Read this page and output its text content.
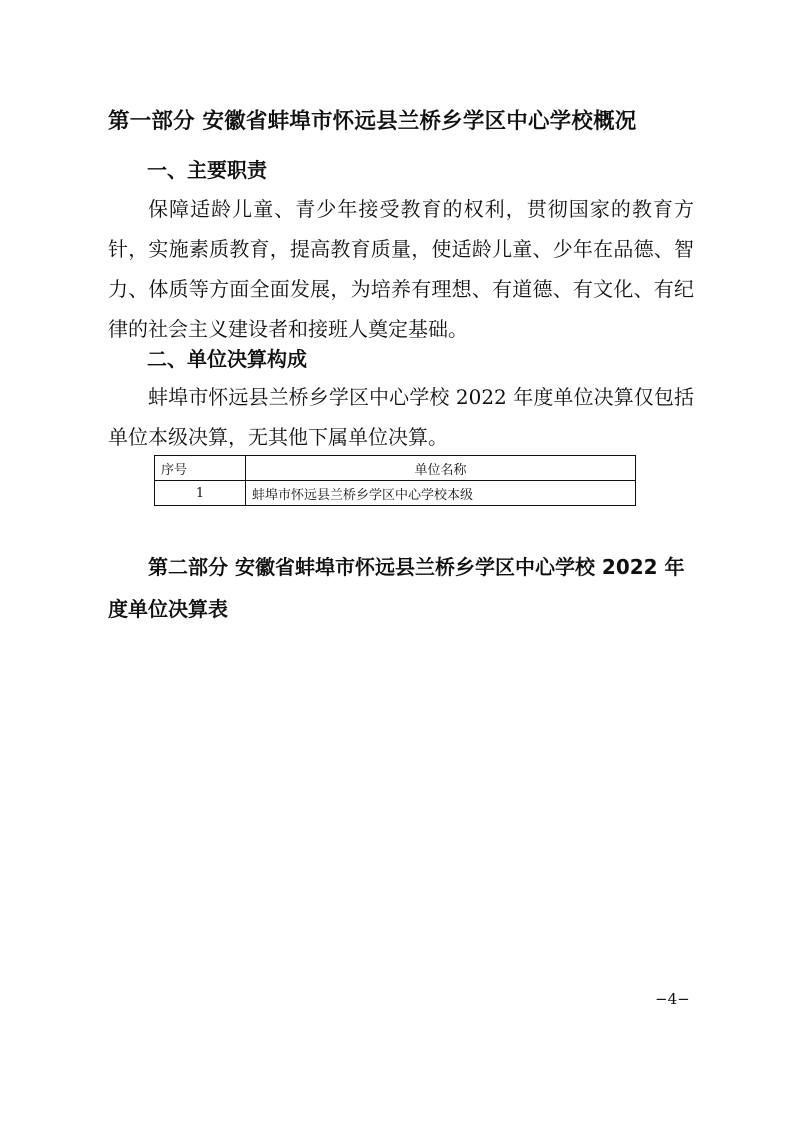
第一部分 安徽省蚌埠市怀远县兰桥乡学区中心学校概况
一、主要职责

保障适龄儿童、青少年接受教育的权利，贯彻国家的教育方针，实施素质教育，提高教育质量，使适龄儿童、少年在品德、智力、体质等方面全面发展，为培养有理想、有道德、有文化、有纪律的社会主义建设者和接班人奠定基础。

二、单位决算构成

蚌埠市怀远县兰桥乡学区中心学校 2022 年度单位决算仅包括单位本级决算，无其他下属单位决算。

序号	单位名称
1	蚌埠市怀远县兰桥乡学区中心学校本级

第二部分 安徽省蚌埠市怀远县兰桥乡学区中心学校 2022 年度单位决算表

−4−
